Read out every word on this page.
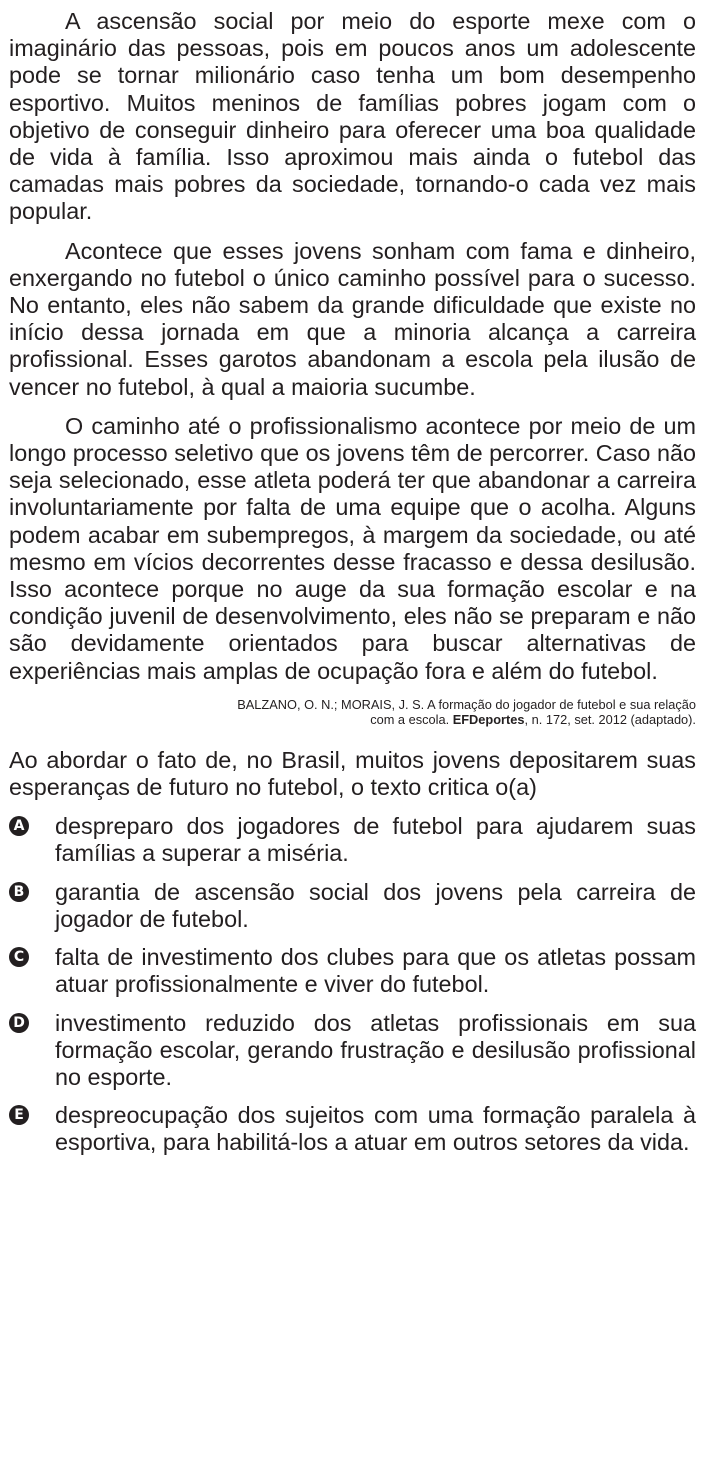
A ascensão social por meio do esporte mexe com o imaginário das pessoas, pois em poucos anos um adolescente pode se tornar milionário caso tenha um bom desempenho esportivo. Muitos meninos de famílias pobres jogam com o objetivo de conseguir dinheiro para oferecer uma boa qualidade de vida à família. Isso aproximou mais ainda o futebol das camadas mais pobres da sociedade, tornando-o cada vez mais popular.

Acontece que esses jovens sonham com fama e dinheiro, enxergando no futebol o único caminho possível para o sucesso. No entanto, eles não sabem da grande dificuldade que existe no início dessa jornada em que a minoria alcança a carreira profissional. Esses garotos abandonam a escola pela ilusão de vencer no futebol, à qual a maioria sucumbe.

O caminho até o profissionalismo acontece por meio de um longo processo seletivo que os jovens têm de percorrer. Caso não seja selecionado, esse atleta poderá ter que abandonar a carreira involuntariamente por falta de uma equipe que o acolha. Alguns podem acabar em subempregos, à margem da sociedade, ou até mesmo em vícios decorrentes desse fracasso e dessa desilusão. Isso acontece porque no auge da sua formação escolar e na condição juvenil de desenvolvimento, eles não se preparam e não são devidamente orientados para buscar alternativas de experiências mais amplas de ocupação fora e além do futebol.

BALZANO, O. N.; MORAIS, J. S. A formação do jogador de futebol e sua relação
com a escola. EFDeportes, n. 172, set. 2012 (adaptado).

Ao abordar o fato de, no Brasil, muitos jovens depositarem suas esperanças de futuro no futebol, o texto critica o(a)

A despreparo dos jogadores de futebol para ajudarem suas famílias a superar a miséria.
B garantia de ascensão social dos jovens pela carreira de jogador de futebol.
C falta de investimento dos clubes para que os atletas possam atuar profissionalmente e viver do futebol.
D investimento reduzido dos atletas profissionais em sua formação escolar, gerando frustração e desilusão profissional no esporte.
E despreocupação dos sujeitos com uma formação paralela à esportiva, para habilitá-los a atuar em outros setores da vida.
